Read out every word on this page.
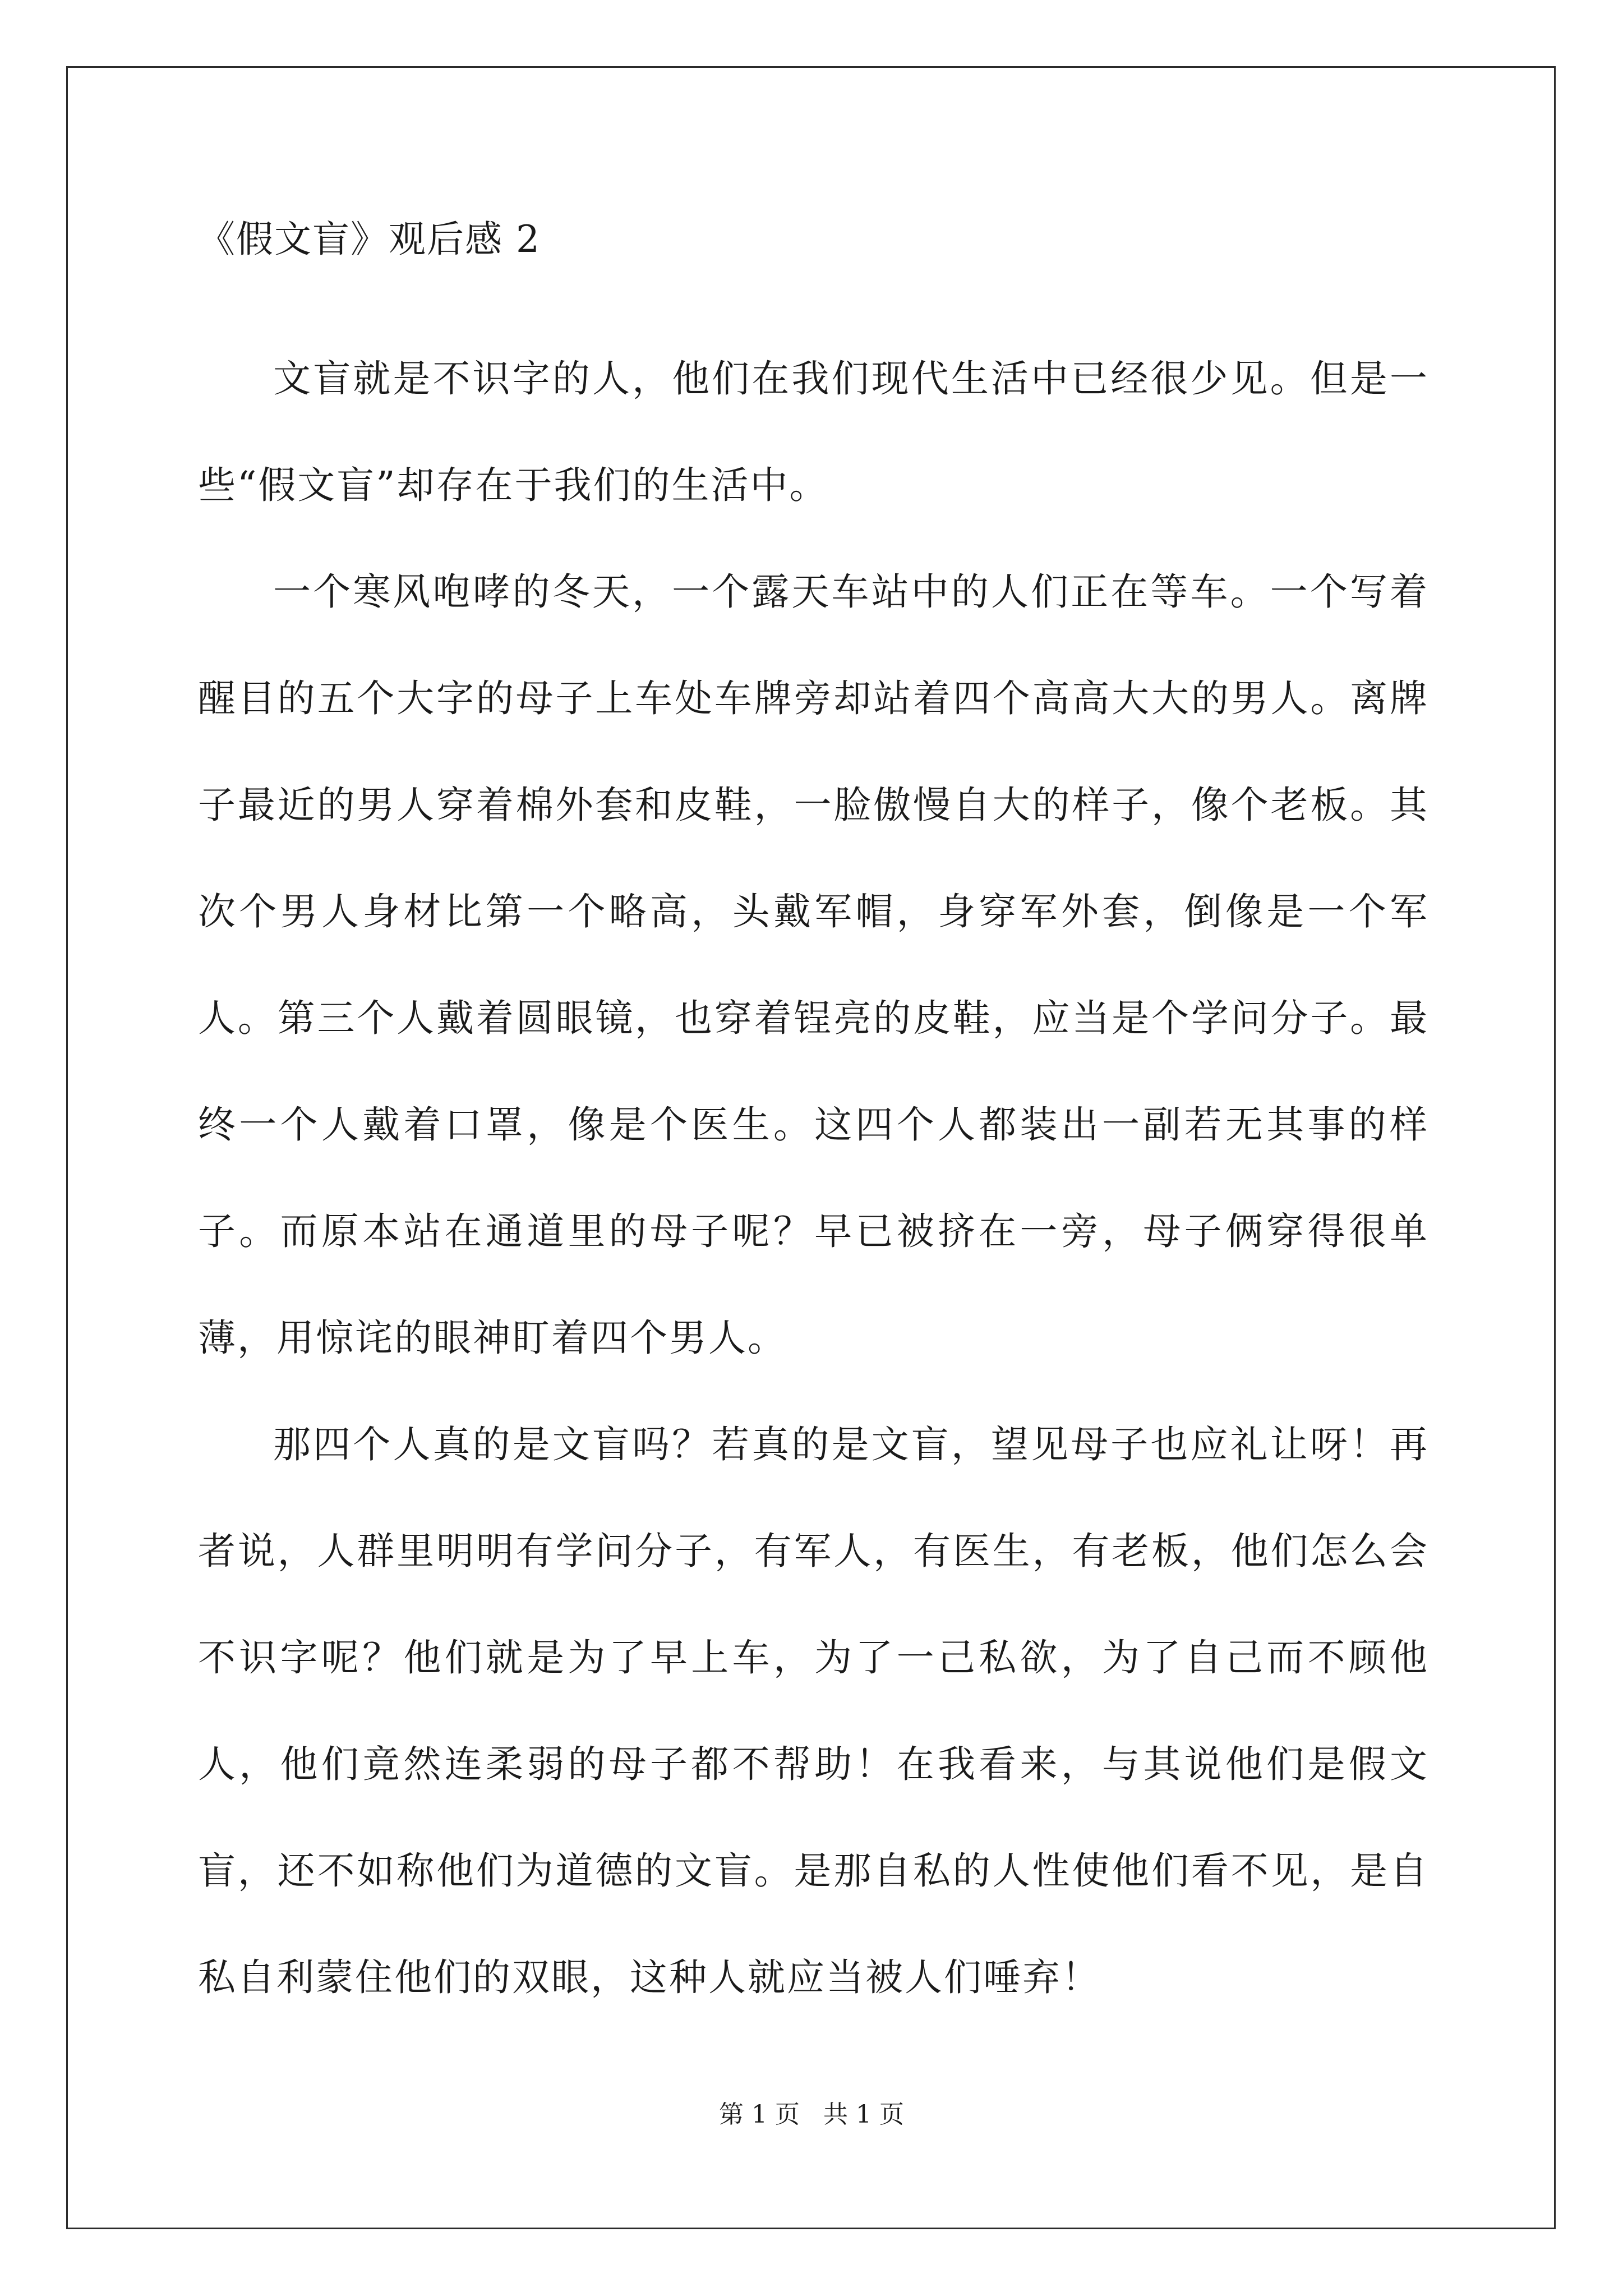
《假文盲》观后感 2

文盲就是不识字的人，他们在我们现代生活中已经很少见。但是一些“假文盲”却存在于我们的生活中。

一个寒风咆哮的冬天，一个露天车站中的人们正在等车。一个写着醒目的五个大字的母子上车处车牌旁却站着四个高高大大的男人。离牌子最近的男人穿着棉外套和皮鞋，一脸傲慢自大的样子，像个老板。其次个男人身材比第一个略高，头戴军帽，身穿军外套，倒像是一个军人。第三个人戴着圆眼镜，也穿着锃亮的皮鞋，应当是个学问分子。最终一个人戴着口罩，像是个医生。这四个人都装出一副若无其事的样子。而原本站在通道里的母子呢？早已被挤在一旁，母子俩穿得很单薄，用惊诧的眼神盯着四个男人。

那四个人真的是文盲吗？若真的是文盲，望见母子也应礼让呀！再者说，人群里明明有学问分子，有军人，有医生，有老板，他们怎么会不识字呢？他们就是为了早上车，为了一己私欲，为了自己而不顾他人，他们竟然连柔弱的母子都不帮助！在我看来，与其说他们是假文盲，还不如称他们为道德的文盲。是那自私的人性使他们看不见，是自私自利蒙住他们的双眼，这种人就应当被人们唾弃！

第 1 页   共 1 页
